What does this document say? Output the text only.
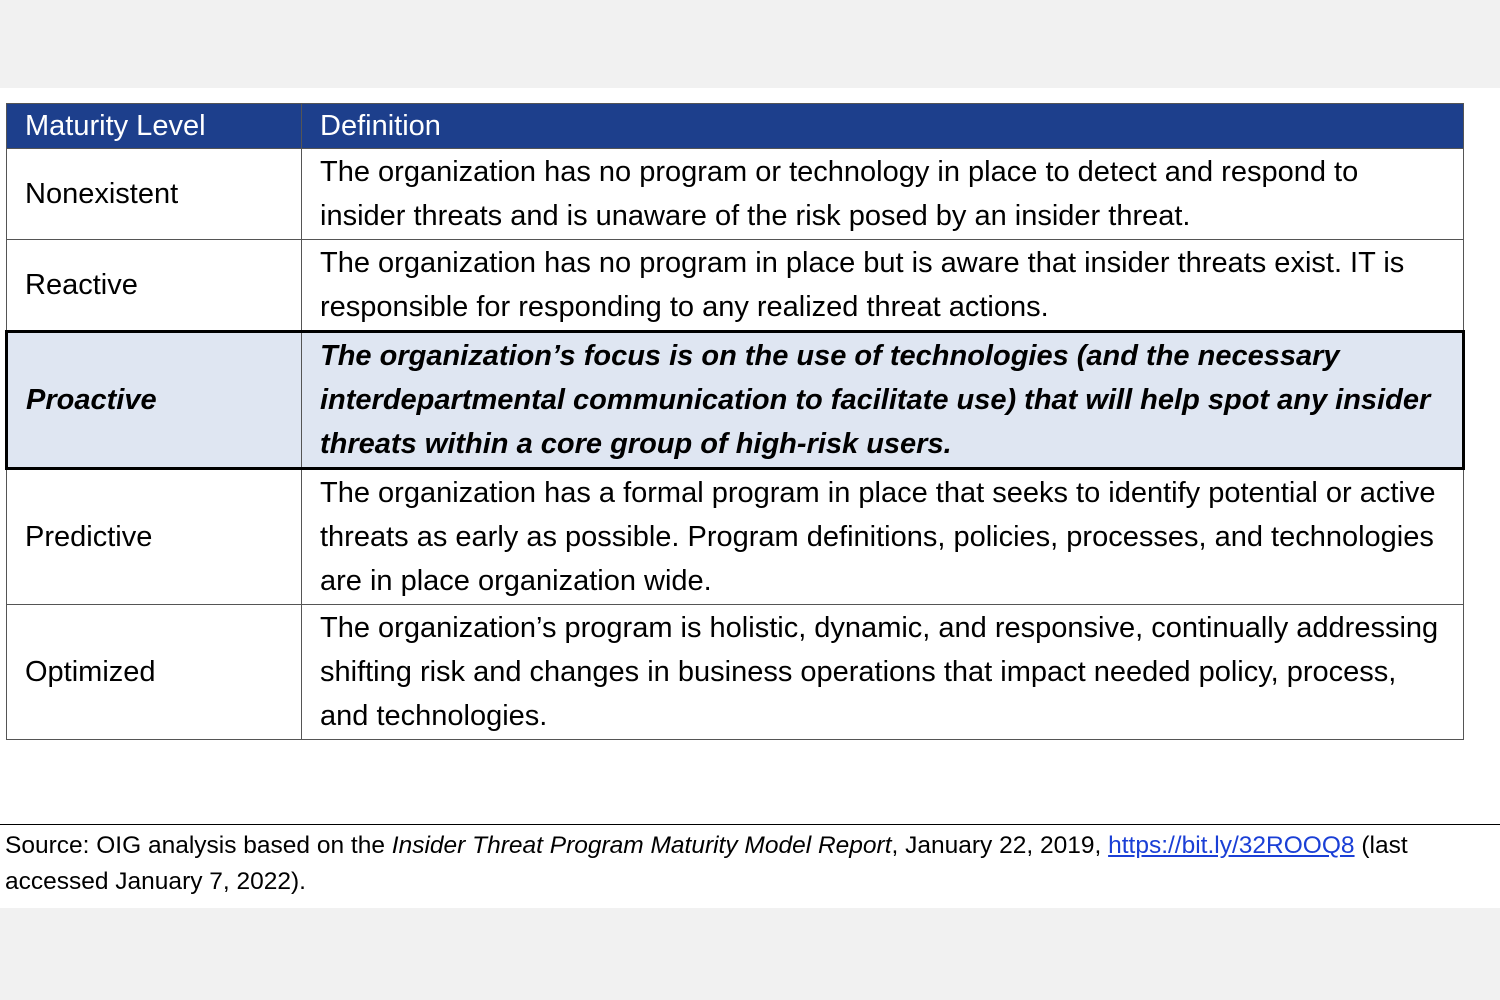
Maturity Level	Definition
Nonexistent	The organization has no program or technology in place to detect and respond to insider threats and is unaware of the risk posed by an insider threat.
Reactive	The organization has no program in place but is aware that insider threats exist. IT is responsible for responding to any realized threat actions.
Proactive	The organization’s focus is on the use of technologies (and the necessary interdepartmental communication to facilitate use) that will help spot any insider threats within a core group of high-risk users.
Predictive	The organization has a formal program in place that seeks to identify potential or active threats as early as possible. Program definitions, policies, processes, and technologies are in place organization wide.
Optimized	The organization’s program is holistic, dynamic, and responsive, continually addressing shifting risk and changes in business operations that impact needed policy, process, and technologies.
Source: OIG analysis based on the Insider Threat Program Maturity Model Report, January 22, 2019, https://bit.ly/32ROOQ8 (last accessed January 7, 2022).
